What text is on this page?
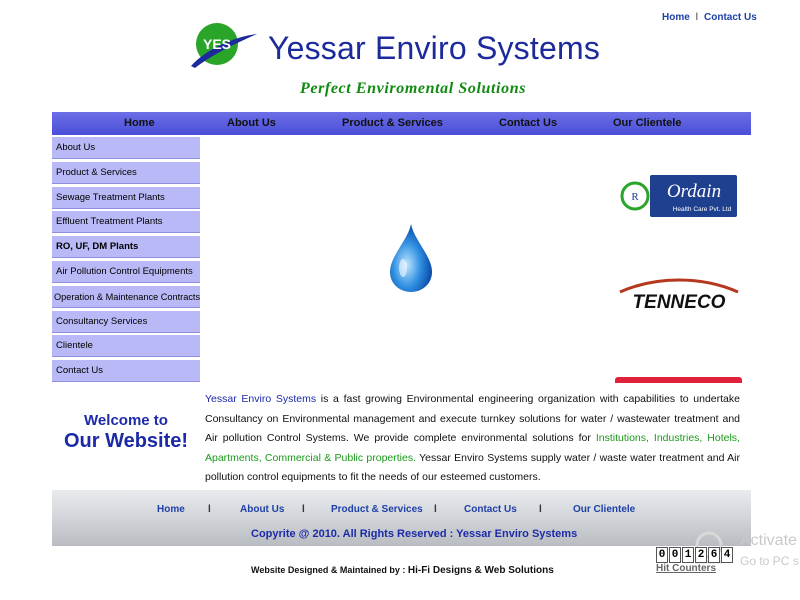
Home l Contact Us
YES Yessar Enviro Systems
Perfect Enviromental Solutions
Home	About Us	Product & Services	Contact Us	Our Clientele
About Us
Product & Services
Sewage Treatment Plants
Effluent Treatment Plants
RO, UF, DM Plants
Air Pollution Control Equipments
Operation & Maintenance Contracts
Consultancy Services
Clientele
Contact Us
Welcome to
Our Website!
R Ordain
Health Care Pvt. Ltd
TENNECO
Yessar Enviro Systems is a fast growing Environmental engineering organization with capabilities to undertake Consultancy on Environmental management and execute turnkey solutions for water / wastewater treatment and Air pollution Control Systems. We provide complete environmental solutions for Institutions, Industries, Hotels, Apartments, Commercial & Public properties. Yessar Enviro Systems supply water / waste water treatment and Air pollution control equipments to fit the needs of our esteemed customers.
Home l	About Us l	Product & Services l	Contact Us l	Our Clientele
Copyrite @ 2010. All Rights Reserved : Yessar Enviro Systems
Website Designed & Maintained by : Hi-Fi Designs & Web Solutions
Activate
Go to PC s
0 0 1 2 6 4
Hit Counters
